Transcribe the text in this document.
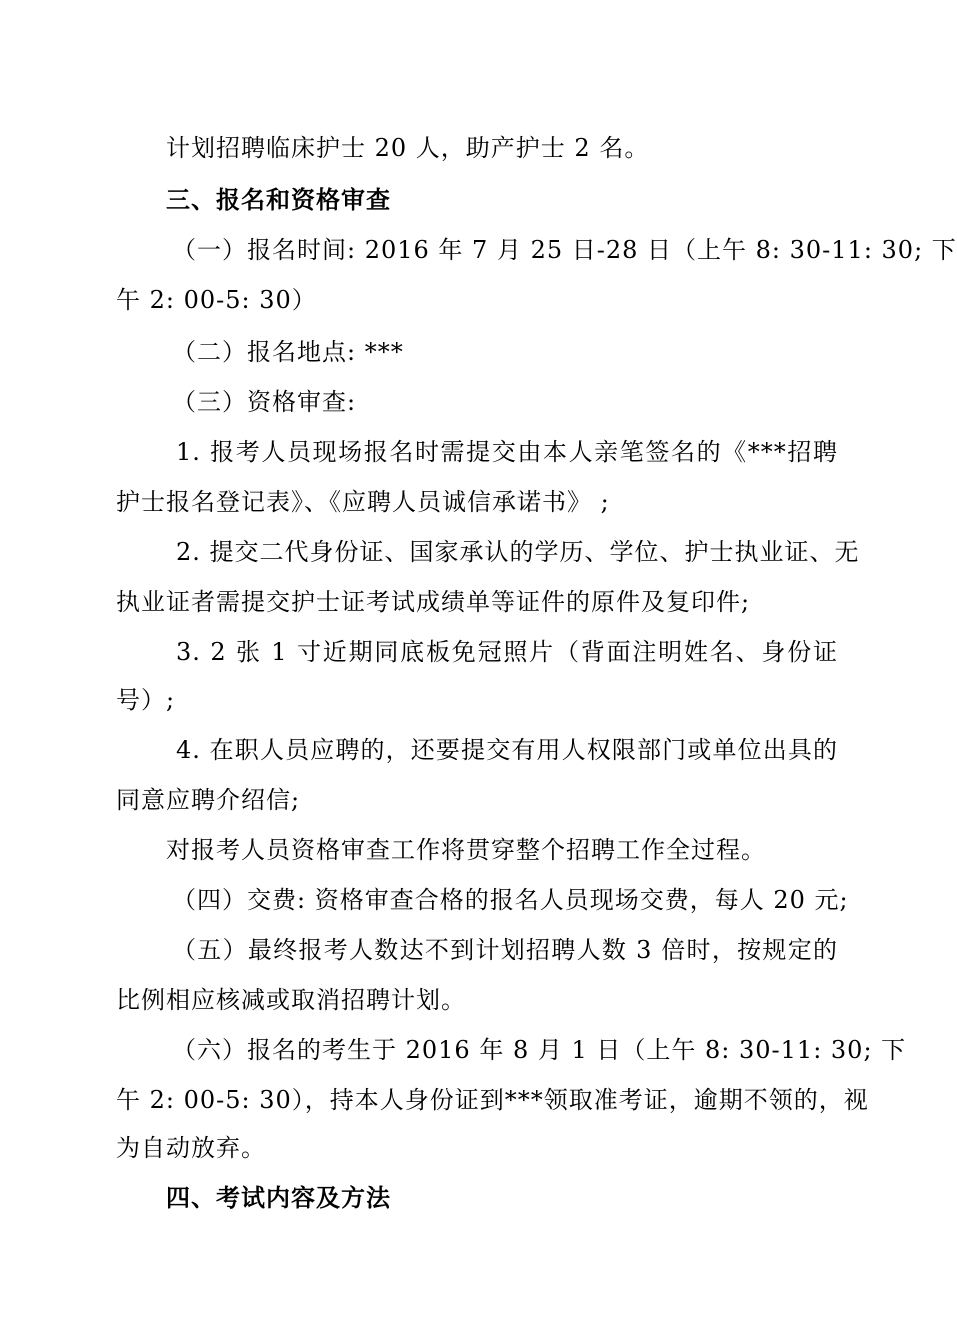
计划招聘临床护士 20 人，助产护士 2 名。
三、报名和资格审查
（一）报名时间: 2016 年 7 月 25 日-28 日（上午 8: 30-11: 30; 下
午 2: 00-5: 30）
（二）报名地点: ***
（三）资格审查:
1. 报考人员现场报名时需提交由本人亲笔签名的《***招聘
护士报名登记表》、《应聘人员诚信承诺书》 ;
2. 提交二代身份证、国家承认的学历、学位、护士执业证、无
执业证者需提交护士证考试成绩单等证件的原件及复印件;
3. 2 张 1 寸近期同底板免冠照片（背面注明姓名、身份证
号）;
4. 在职人员应聘的，还要提交有用人权限部门或单位出具的
同意应聘介绍信;
对报考人员资格审查工作将贯穿整个招聘工作全过程。
（四）交费: 资格审查合格的报名人员现场交费，每人 20 元;
（五）最终报考人数达不到计划招聘人数 3 倍时，按规定的
比例相应核减或取消招聘计划。
（六）报名的考生于 2016 年 8 月 1 日（上午 8: 30-11: 30; 下
午 2: 00-5: 30），持本人身份证到***领取准考证，逾期不领的，视
为自动放弃。
四、考试内容及方法
